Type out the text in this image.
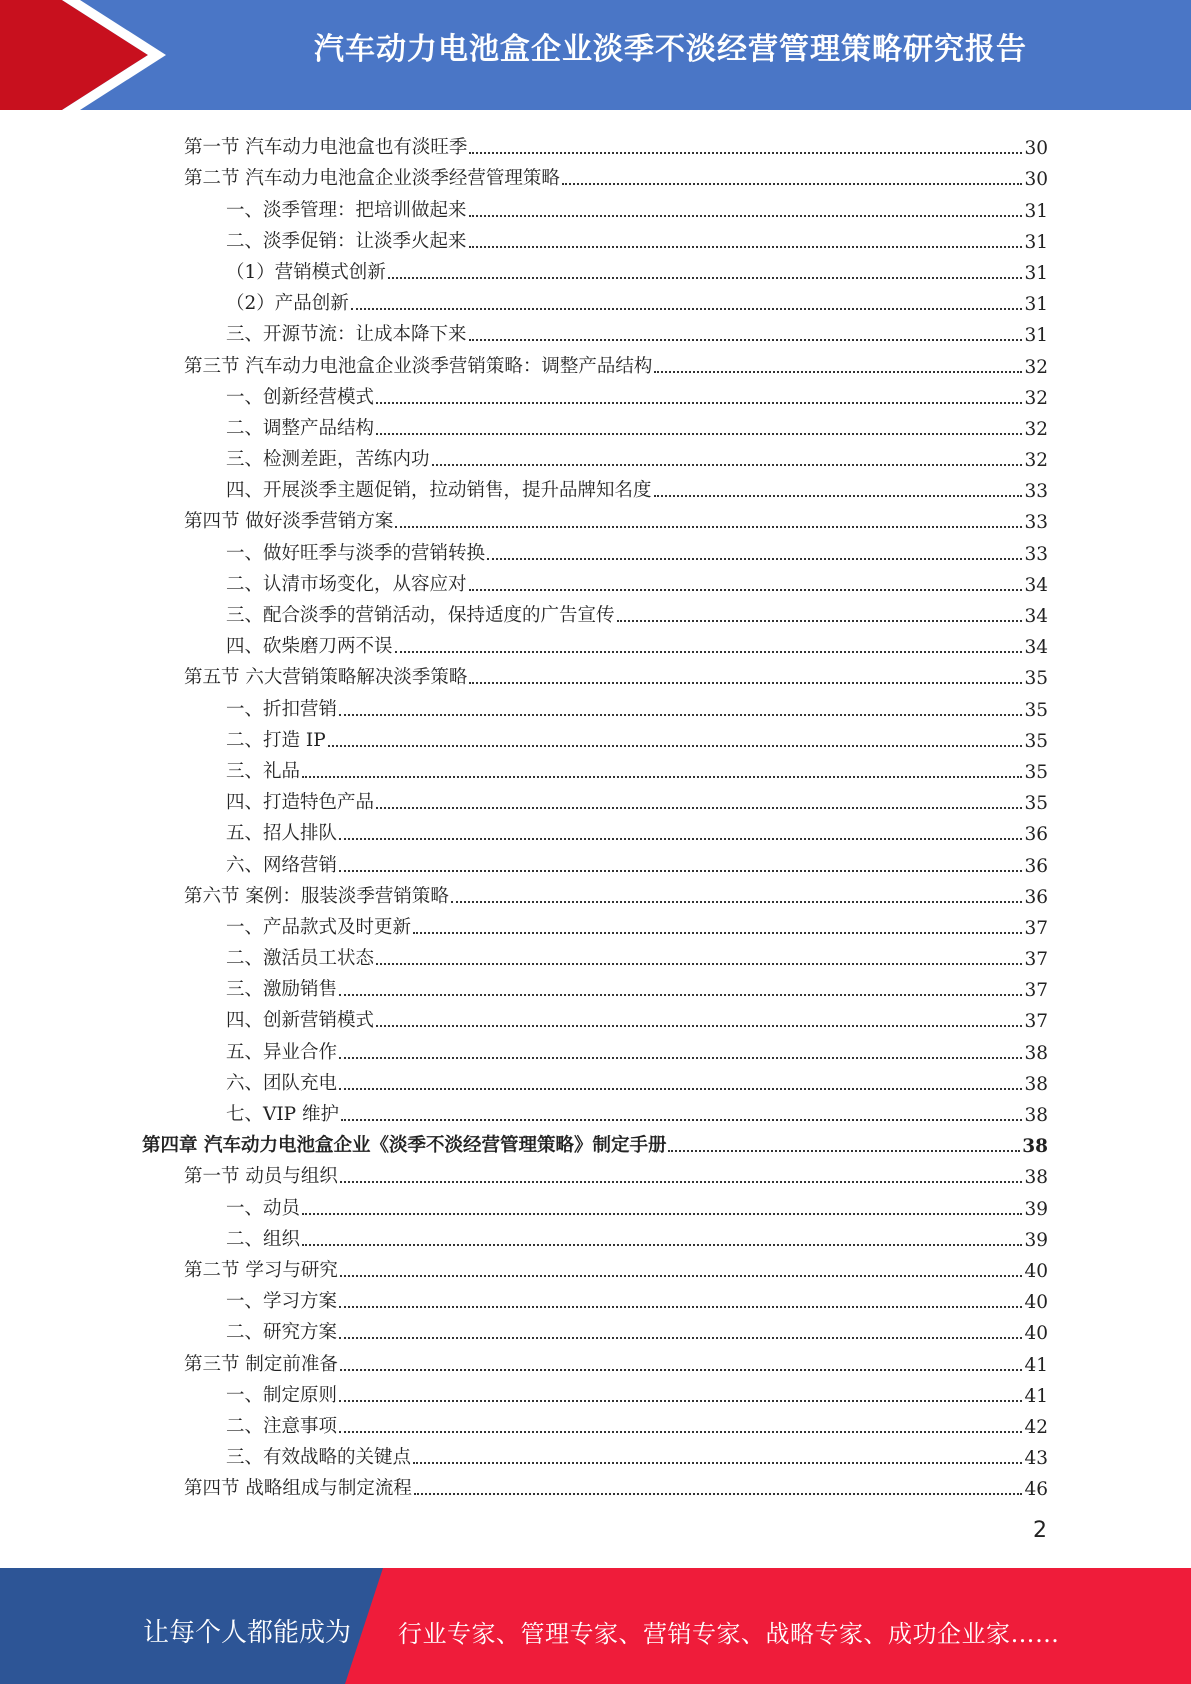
汽车动力电池盒企业淡季不淡经营管理策略研究报告
第一节 汽车动力电池盒也有淡旺季	30
第二节 汽车动力电池盒企业淡季经营管理策略	30
一、淡季管理：把培训做起来	31
二、淡季促销：让淡季火起来	31
（1）营销模式创新	31
（2）产品创新	31
三、开源节流：让成本降下来	31
第三节 汽车动力电池盒企业淡季营销策略：调整产品结构	32
一、创新经营模式	32
二、调整产品结构	32
三、检测差距，苦练内功	32
四、开展淡季主题促销，拉动销售，提升品牌知名度	33
第四节 做好淡季营销方案	33
一、做好旺季与淡季的营销转换	33
二、认清市场变化，从容应对	34
三、配合淡季的营销活动，保持适度的广告宣传	34
四、砍柴磨刀两不误	34
第五节 六大营销策略解决淡季策略	35
一、折扣营销	35
二、打造 IP	35
三、礼品	35
四、打造特色产品	35
五、招人排队	36
六、网络营销	36
第六节 案例：服装淡季营销策略	36
一、产品款式及时更新	37
二、激活员工状态	37
三、激励销售	37
四、创新营销模式	37
五、异业合作	38
六、团队充电	38
七、VIP 维护	38
第四章 汽车动力电池盒企业《淡季不淡经营管理策略》制定手册	38
第一节 动员与组织	38
一、动员	39
二、组织	39
第二节 学习与研究	40
一、学习方案	40
二、研究方案	40
第三节 制定前准备	41
一、制定原则	41
二、注意事项	42
三、有效战略的关键点	43
第四节 战略组成与制定流程	46
2
让每个人都能成为 行业专家、管理专家、营销专家、战略专家、成功企业家……
